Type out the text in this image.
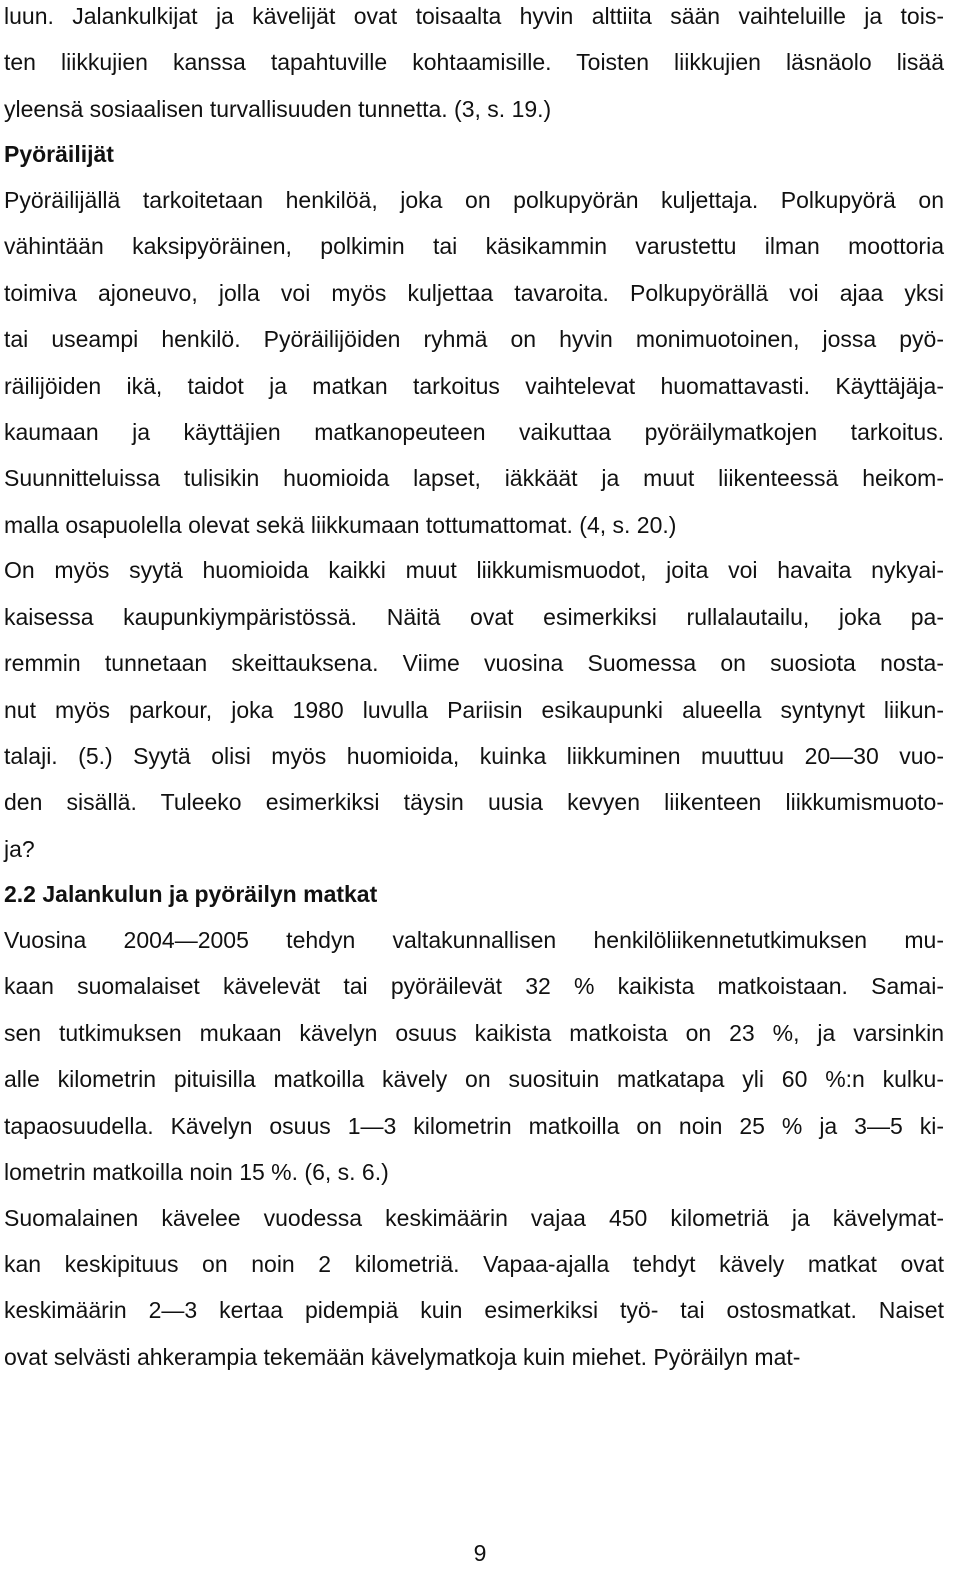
luun. Jalankulkijat ja kävelijät ovat toisaalta hyvin alttiita sään vaihteluille ja tois-
ten liikkujien kanssa tapahtuville kohtaamisille. Toisten liikkujien läsnäolo lisää
yleensä sosiaalisen turvallisuuden tunnetta. (3, s. 19.)
Pyöräilijät
Pyöräilijällä tarkoitetaan henkilöä, joka on polkupyörän kuljettaja. Polkupyörä on
vähintään kaksipyöräinen, polkimin tai käsikammin varustettu ilman moottoria
toimiva ajoneuvo, jolla voi myös kuljettaa tavaroita. Polkupyörällä voi ajaa yksi
tai useampi henkilö. Pyöräilijöiden ryhmä on hyvin monimuotoinen, jossa pyö-
räilijöiden ikä, taidot ja matkan tarkoitus vaihtelevat huomattavasti. Käyttäjäja-
kaumaan ja käyttäjien matkanopeuteen vaikuttaa pyöräilymatkojen tarkoitus.
Suunnitteluissa tulisikin huomioida lapset, iäkkäät ja muut liikenteessä heikom-
malla osapuolella olevat sekä liikkumaan tottumattomat. (4, s. 20.)
On myös syytä huomioida kaikki muut liikkumismuodot, joita voi havaita nykyai-
kaisessa kaupunkiympäristössä. Näitä ovat esimerkiksi rullalautailu, joka pa-
remmin tunnetaan skeittauksena. Viime vuosina Suomessa on suosiota nosta-
nut myös parkour, joka 1980 luvulla Pariisin esikaupunki alueella syntynyt liikun-
talaji. (5.) Syytä olisi myös huomioida, kuinka liikkuminen muuttuu 20—30 vuo-
den sisällä. Tuleeko esimerkiksi täysin uusia kevyen liikenteen liikkumismuoto-
ja?
2.2 Jalankulun ja pyöräilyn matkat
Vuosina 2004—2005 tehdyn valtakunnallisen henkilöliikennetutkimuksen mu-
kaan suomalaiset kävelevät tai pyöräilevät 32 % kaikista matkoistaan. Samai-
sen tutkimuksen mukaan kävelyn osuus kaikista matkoista on 23 %, ja varsinkin
alle kilometrin pituisilla matkoilla kävely on suosituin matkatapa yli 60 %:n kulku-
tapaosuudella. Kävelyn osuus 1—3 kilometrin matkoilla on noin 25 % ja 3—5 ki-
lometrin matkoilla noin 15 %. (6, s. 6.)
Suomalainen kävelee vuodessa keskimäärin vajaa 450 kilometriä ja kävelymat-
kan keskipituus on noin 2 kilometriä. Vapaa-ajalla tehdyt kävely matkat ovat
keskimäärin 2—3 kertaa pidempiä kuin esimerkiksi työ- tai ostosmatkat. Naiset
ovat selvästi ahkerampia tekemään kävelymatkoja kuin miehet. Pyöräilyn mat-
9
